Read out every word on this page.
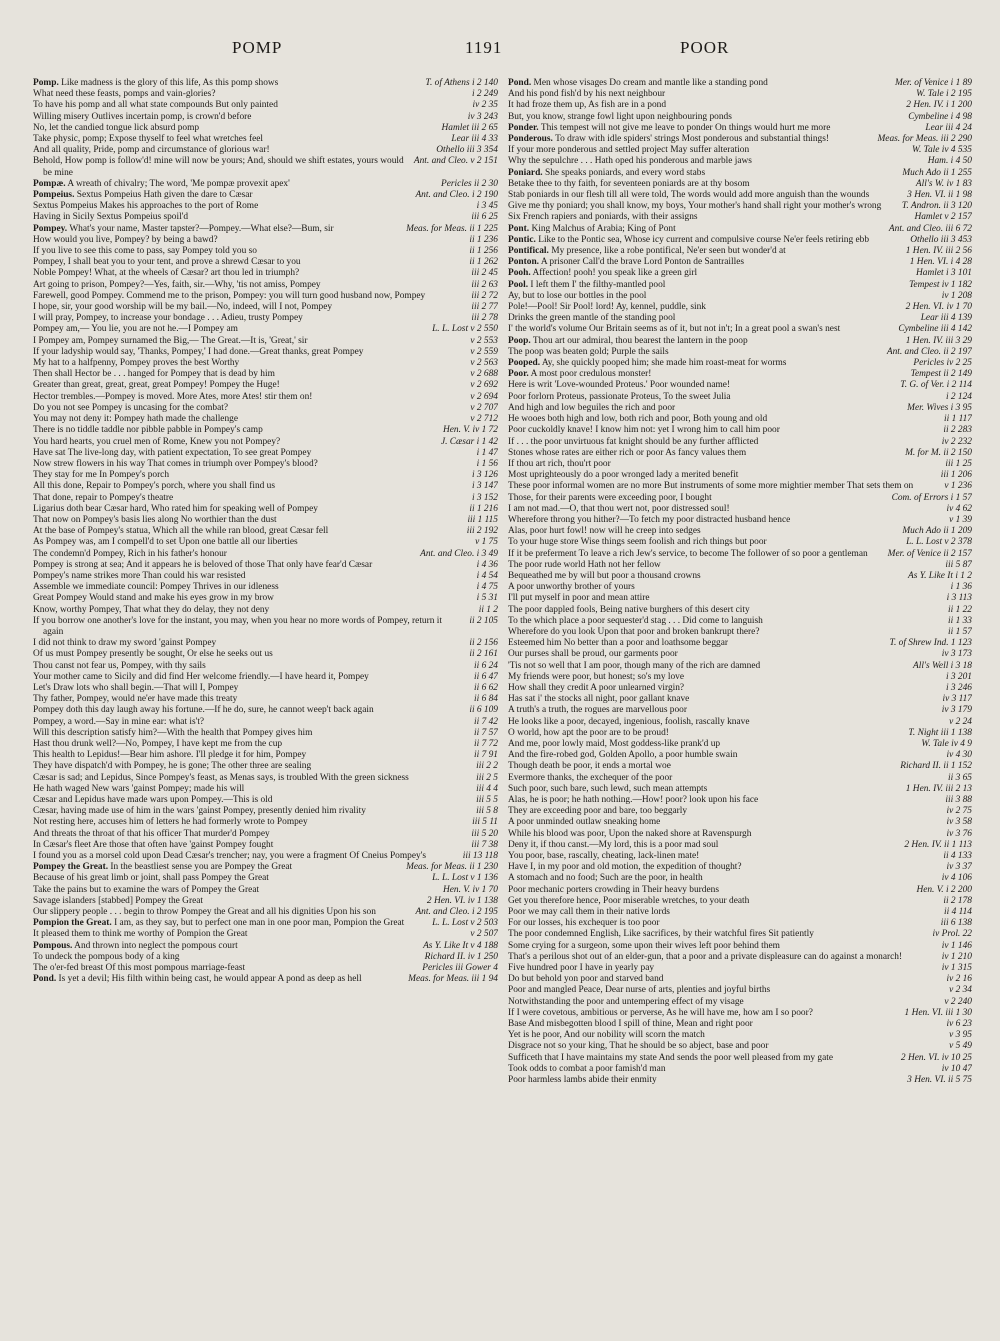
POMP	1191	POOR
T. of Athens i 2 140
Pomp. Like madness is the glory of this life, As this pomp shows
i 2 249
What need these feasts, pomps and vain-glories?
iv 2 35
To have his pomp and all what state compounds But only painted
iv 3 243
Willing misery Outlives incertain pomp, is crown'd before
Hamlet iii 2 65
No, let the candied tongue lick absurd pomp
Lear iii 4 33
Take physic, pomp; Expose thyself to feel what wretches feel
Othello iii 3 354
And all quality, Pride, pomp and circumstance of glorious war!
Ant. and Cleo. v 2 151
Behold, How pomp is follow'd! mine will now be yours; And, should we shift estates, yours would be mine
Pericles ii 2 30
Pompæ. A wreath of chivalry; The word, 'Me pompæ provexit apex'
Ant. and Cleo. i 2 190
Pompeius. Sextus Pompeius Hath given the dare to Cæsar
i 3 45
Sextus Pompeius Makes his approaches to the port of Rome
iii 6 25
Having in Sicily Sextus Pompeius spoil'd
Meas. for Meas. ii 1 225
Pompey. What's your name, Master tapster?—Pompey.—What else?—Bum, sir
ii 1 236
How would you live, Pompey? by being a bawd?
ii 1 256
If you live to see this come to pass, say Pompey told you so
ii 1 262
Pompey, I shall beat you to your tent, and prove a shrewd Cæsar to you
iii 2 45
Noble Pompey! What, at the wheels of Cæsar? art thou led in triumph?
iii 2 63
Art going to prison, Pompey?—Yes, faith, sir.—Why, 'tis not amiss, Pompey
iii 2 72
Farewell, good Pompey. Commend me to the prison, Pompey: you will turn good husband now, Pompey
iii 2 77
I hope, sir, your good worship will be my bail.—No, indeed, will I not, Pompey
iii 2 78
I will pray, Pompey, to increase your bondage . . . Adieu, trusty Pompey
L. L. Lost v 2 550
Pompey am,— You lie, you are not he.—I Pompey am
v 2 553
I Pompey am, Pompey surnamed the Big,— The Great.—It is, 'Great,' sir
v 2 559
If your ladyship would say, 'Thanks, Pompey,' I had done.—Great thanks, great Pompey
v 2 563
My hat to a halfpenny, Pompey proves the best Worthy
v 2 688
Then shall Hector be . . . hanged for Pompey that is dead by him
v 2 692
Greater than great, great, great, great Pompey! Pompey the Huge!
v 2 694
Hector trembles.—Pompey is moved. More Ates, more Ates! stir them on!
v 2 707
Do you not see Pompey is uncasing for the combat?
v 2 712
You may not deny it: Pompey hath made the challenge
Hen. V. iv 1 72
There is no tiddle taddle nor pibble pabble in Pompey's camp
J. Cæsar i 1 42
You hard hearts, you cruel men of Rome, Knew you not Pompey?
i 1 47
Have sat The live-long day, with patient expectation, To see great Pompey
i 1 56
Now strew flowers in his way That comes in triumph over Pompey's blood?
i 3 126
They stay for me In Pompey's porch
i 3 147
All this done, Repair to Pompey's porch, where you shall find us
i 3 152
That done, repair to Pompey's theatre
ii 1 216
Ligarius doth bear Cæsar hard, Who rated him for speaking well of Pompey
iii 1 115
That now on Pompey's basis lies along No worthier than the dust
iii 2 192
At the base of Pompey's statua, Which all the while ran blood, great Cæsar fell
v 1 75
As Pompey was, am I compell'd to set Upon one battle all our liberties
Ant. and Cleo. i 3 49
The condemn'd Pompey, Rich in his father's honour
i 4 36
Pompey is strong at sea; And it appears he is beloved of those That only have fear'd Cæsar
i 4 54
Pompey's name strikes more Than could his war resisted
i 4 75
Assemble we immediate council: Pompey Thrives in our idleness
i 5 31
Great Pompey Would stand and make his eyes grow in my brow
ii 1 2
Know, worthy Pompey, That what they do delay, they not deny
ii 2 105
If you borrow one another's love for the instant, you may, when you hear no more words of Pompey, return it again
ii 2 156
I did not think to draw my sword 'gainst Pompey
ii 2 161
Of us must Pompey presently be sought, Or else he seeks out us
ii 6 24
Thou canst not fear us, Pompey, with thy sails
ii 6 47
Your mother came to Sicily and did find Her welcome friendly.—I have heard it, Pompey
ii 6 62
Let's Draw lots who shall begin.—That will I, Pompey
ii 6 84
Thy father, Pompey, would ne'er have made this treaty
ii 6 109
Pompey doth this day laugh away his fortune.—If he do, sure, he cannot weep't back again
ii 7 42
Pompey, a word.—Say in mine ear: what is't?
ii 7 57
Will this description satisfy him?—With the health that Pompey gives him
ii 7 72
Hast thou drunk well?—No, Pompey, I have kept me from the cup
ii 7 91
This health to Lepidus!—Bear him ashore. I'll pledge it for him, Pompey
iii 2 2
They have dispatch'd with Pompey, he is gone; The other three are sealing
iii 2 5
Cæsar is sad; and Lepidus, Since Pompey's feast, as Menas says, is troubled With the green sickness
iii 4 4
He hath waged New wars 'gainst Pompey; made his will
iii 5 5
Cæsar and Lepidus have made wars upon Pompey.—This is old
iii 5 8
Cæsar, having made use of him in the wars 'gainst Pompey, presently denied him rivality
iii 5 11
Not resting here, accuses him of letters he had formerly wrote to Pompey
iii 5 20
And threats the throat of that his officer That murder'd Pompey
iii 7 38
In Cæsar's fleet Are those that often have 'gainst Pompey fought
iii 13 118
I found you as a morsel cold upon Dead Cæsar's trencher; nay, you were a fragment Of Cneius Pompey's
Meas. for Meas. ii 1 230
Pompey the Great. In the beastliest sense you are Pompey the Great
L. L. Lost v 1 136
Because of his great limb or joint, shall pass Pompey the Great
Hen. V. iv 1 70
Take the pains but to examine the wars of Pompey the Great
2 Hen. VI. iv 1 138
Savage islanders [stabbed] Pompey the Great
Ant. and Cleo. i 2 195
Our slippery people . . . begin to throw Pompey the Great and all his dignities Upon his son
L. L. Lost v 2 503
Pompion the Great. I am, as they say, but to perfect one man in one poor man, Pompion the Great
v 2 507
It pleased them to think me worthy of Pompion the Great
As Y. Like It v 4 188
Pompous. And thrown into neglect the pompous court
Richard II. iv 1 250
To undeck the pompous body of a king
Pericles iii Gower 4
The o'er-fed breast Of this most pompous marriage-feast
Meas. for Meas. iii 1 94
Pond. Is yet a devil; His filth within being cast, he would appear A pond as deep as hell
Mer. of Venice i 1 89
Pond. Men whose visages Do cream and mantle like a standing pond
W. Tale i 2 195
And his pond fish'd by his next neighbour
2 Hen. IV. i 1 200
It had froze them up, As fish are in a pond
Cymbeline i 4 98
But, you know, strange fowl light upon neighbouring ponds
Lear iii 4 24
Ponder. This tempest will not give me leave to ponder On things would hurt me more
Meas. for Meas. iii 2 290
Ponderous. To draw with idle spiders' strings Most ponderous and substantial things!
W. Tale iv 4 535
If your more ponderous and settled project May suffer alteration
Ham. i 4 50
Why the sepulchre . . . Hath oped his ponderous and marble jaws
Much Ado ii 1 255
Poniard. She speaks poniards, and every word stabs
All's W. iv 1 83
Betake thee to thy faith, for seventeen poniards are at thy bosom
3 Hen. VI. ii 1 98
Stab poniards in our flesh till all were told, The words would add more anguish than the wounds
T. Andron. ii 3 120
Give me thy poniard; you shall know, my boys, Your mother's hand shall right your mother's wrong
Hamlet v 2 157
Six French rapiers and poniards, with their assigns
Ant. and Cleo. iii 6 72
Pont. King Malchus of Arabia; King of Pont
Othello iii 3 453
Pontic. Like to the Pontic sea, Whose icy current and compulsive course Ne'er feels retiring ebb
1 Hen. IV. iii 2 56
Pontifical. My presence, like a robe pontifical, Ne'er seen but wonder'd at
1 Hen. VI. i 4 28
Ponton. A prisoner Call'd the brave Lord Ponton de Santrailles
Hamlet i 3 101
Pooh. Affection! pooh! you speak like a green girl
Tempest iv 1 182
Pool. I left them I' the filthy-mantled pool
iv 1 208
Ay, but to lose our bottles in the pool
2 Hen. VI. iv 1 70
Pole!—Pool! Sir Pool! lord! Ay, kennel, puddle, sink
Lear iii 4 139
Drinks the green mantle of the standing pool
Cymbeline iii 4 142
I' the world's volume Our Britain seems as of it, but not in't; In a great pool a swan's nest
1 Hen. IV. iii 3 29
Poop. Thou art our admiral, thou bearest the lantern in the poop
Ant. and Cleo. ii 2 197
The poop was beaten gold; Purple the sails
Pericles iv 2 25
Pooped. Ay, she quickly pooped him; she made him roast-meat for worms
Tempest ii 2 149
Poor. A most poor credulous monster!
T. G. of Ver. i 2 114
Here is writ 'Love-wounded Proteus.' Poor wounded name!
i 2 124
Poor forlorn Proteus, passionate Proteus, To the sweet Julia
Mer. Wives i 3 95
And high and low beguiles the rich and poor
ii 1 117
He wooes both high and low, both rich and poor, Both young and old
ii 2 283
Poor cuckoldly knave! I know him not: yet I wrong him to call him poor
iv 2 232
If . . . the poor unvirtuous fat knight should be any further afflicted
M. for M. ii 2 150
Stones whose rates are either rich or poor As fancy values them
iii 1 25
If thou art rich, thou'rt poor
iii 1 206
Most uprighteously do a poor wronged lady a merited benefit
v 1 236
These poor informal women are no more But instruments of some more mightier member That sets them on
Com. of Errors i 1 57
Those, for their parents were exceeding poor, I bought
iv 4 62
I am not mad.—O, that thou wert not, poor distressed soul!
v 1 39
Wherefore throng you hither?—To fetch my poor distracted husband hence
Much Ado ii 1 209
Alas, poor hurt fowl! now will he creep into sedges
L. L. Lost v 2 378
To your huge store Wise things seem foolish and rich things but poor
Mer. of Venice ii 2 157
If it be preferment To leave a rich Jew's service, to become The follower of so poor a gentleman
iii 5 87
The poor rude world Hath not her fellow
As Y. Like It i 1 2
Bequeathed me by will but poor a thousand crowns
i 1 36
A poor unworthy brother of yours
i 3 113
I'll put myself in poor and mean attire
ii 1 22
The poor dappled fools, Being native burghers of this desert city
ii 1 33
To the which place a poor sequester'd stag . . . Did come to languish
ii 1 57
Wherefore do you look Upon that poor and broken bankrupt there?
T. of Shrew Ind. 1 123
Esteemed him No better than a poor and loathsome beggar
iv 3 173
Our purses shall be proud, our garments poor
All's Well i 3 18
'Tis not so well that I am poor, though many of the rich are damned
i 3 201
My friends were poor, but honest; so's my love
i 3 246
How shall they credit A poor unlearned virgin?
iv 3 117
Has sat i' the stocks all night, poor gallant knave
iv 3 179
A truth's a truth, the rogues are marvellous poor
v 2 24
He looks like a poor, decayed, ingenious, foolish, rascally knave
T. Night iii 1 138
O world, how apt the poor are to be proud!
W. Tale iv 4 9
And me, poor lowly maid, Most goddess-like prank'd up
iv 4 30
And the fire-robed god, Golden Apollo, a poor humble swain
Richard II. ii 1 152
Though death be poor, it ends a mortal woe
ii 3 65
Evermore thanks, the exchequer of the poor
1 Hen. IV. iii 2 13
Such poor, such bare, such lewd, such mean attempts
iii 3 88
Alas, he is poor; he hath nothing.—How! poor? look upon his face
iv 2 75
They are exceeding poor and bare, too beggarly
iv 3 58
A poor unminded outlaw sneaking home
iv 3 76
While his blood was poor, Upon the naked shore at Ravenspurgh
2 Hen. IV. ii 1 113
Deny it, if thou canst.—My lord, this is a poor mad soul
ii 4 133
You poor, base, rascally, cheating, lack-linen mate!
iv 3 37
Have I, in my poor and old motion, the expedition of thought?
iv 4 106
A stomach and no food; Such are the poor, in health
Hen. V. i 2 200
Poor mechanic porters crowding in Their heavy burdens
ii 2 178
Get you therefore hence, Poor miserable wretches, to your death
ii 4 114
Poor we may call them in their native lords
iii 6 138
For our losses, his exchequer is too poor
iv Prol. 22
The poor condemned English, Like sacrifices, by their watchful fires Sit patiently
iv 1 146
Some crying for a surgeon, some upon their wives left poor behind them
iv 1 210
That's a perilous shot out of an elder-gun, that a poor and a private displeasure can do against a monarch!
iv 1 315
Five hundred poor I have in yearly pay
iv 2 16
Do but behold yon poor and starved band
v 2 34
Poor and mangled Peace, Dear nurse of arts, plenties and joyful births
v 2 240
Notwithstanding the poor and untempering effect of my visage
1 Hen. VI. iii 1 30
If I were covetous, ambitious or perverse, As he will have me, how am I so poor?
iv 6 23
Base And misbegotten blood I spill of thine, Mean and right poor
v 3 95
Yet is he poor, And our nobility will scorn the match
v 5 49
Disgrace not so your king, That he should be so abject, base and poor
2 Hen. VI. iv 10 25
Sufficeth that I have maintains my state And sends the poor well pleased from my gate
iv 10 47
Took odds to combat a poor famish'd man
3 Hen. VI. ii 5 75
Poor harmless lambs abide their enmity
